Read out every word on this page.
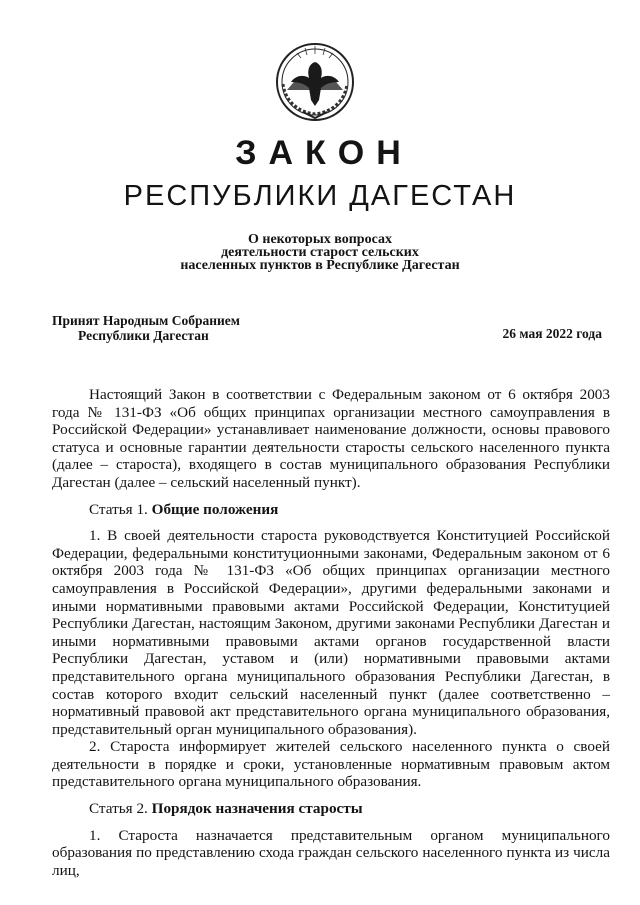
ЗАКОН
РЕСПУБЛИКИ ДАГЕСТАН
О некоторых вопросах
деятельности старост сельских
населенных пунктов в Республике Дагестан
Принят Народным Собранием
Республики Дагестан	26 мая 2022 года

Настоящий Закон в соответствии с Федеральным законом от 6 октября 2003 года № 131-ФЗ «Об общих принципах организации местного самоуправления в Российской Федерации» устанавливает наименование должности, основы правового статуса и основные гарантии деятельности старосты сельского населенного пункта (далее – староста), входящего в состав муниципального образования Республики Дагестан (далее – сельский населенный пункт).

Статья 1. Общие положения

1. В своей деятельности староста руководствуется Конституцией Российской Федерации, федеральными конституционными законами, Федеральным законом от 6 октября 2003 года № 131-ФЗ «Об общих принципах организации местного самоуправления в Российской Федерации», другими федеральными законами и иными нормативными правовыми актами Российской Федерации, Конституцией Республики Дагестан, настоящим Законом, другими законами Республики Дагестан и иными нормативными правовыми актами органов государственной власти Республики Дагестан, уставом и (или) нормативными правовыми актами представительного органа муниципального образования Республики Дагестан, в состав которого входит сельский населенный пункт (далее соответственно – нормативный правовой акт представительного органа муниципального образования, представительный орган муниципального образования).

2. Староста информирует жителей сельского населенного пункта о своей деятельности в порядке и сроки, установленные нормативным правовым актом представительного органа муниципального образования.

Статья 2. Порядок назначения старосты

1. Староста назначается представительным органом муниципального образования по представлению схода граждан сельского населенного пункта из числа лиц,
